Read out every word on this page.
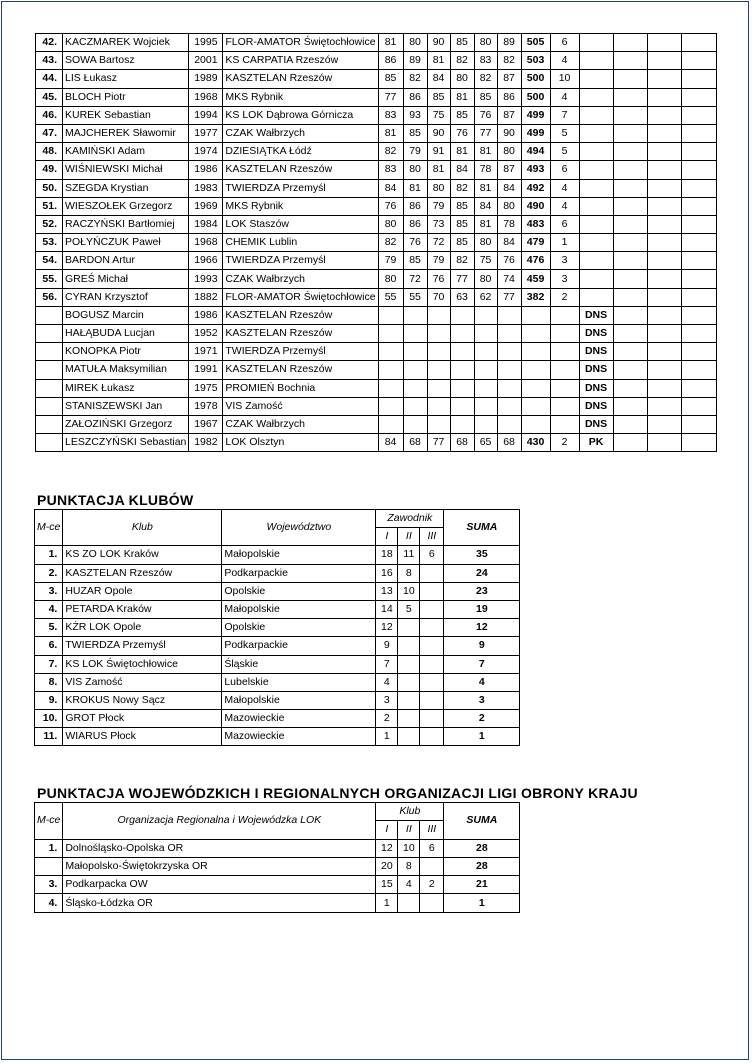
42.	KACZMAREK Wojciek	1995	FLOR-AMATOR Świętochłowice	81	80	90	85	80	89	505	6				
43.	SOWA Bartosz	2001	KS CARPATIA Rzeszów	86	89	81	82	83	82	503	4				
44.	LIS Łukasz	1989	KASZTELAN Rzeszów	85	82	84	80	82	87	500	10				
45.	BLOCH Piotr	1968	MKS Rybnik	77	86	85	81	85	86	500	4				
46.	KUREK Sebastian	1994	KS LOK Dąbrowa Górnicza	83	93	75	85	76	87	499	7				
47.	MAJCHEREK Sławomir	1977	CZAK Wałbrzych	81	85	90	76	77	90	499	5				
48.	KAMIŃSKI Adam	1974	DZIESIĄTKA Łódź	82	79	91	81	81	80	494	5				
49.	WIŚNIEWSKI Michał	1986	KASZTELAN Rzeszów	83	80	81	84	78	87	493	6				
50.	SZEGDA Krystian	1983	TWIERDZA Przemyśl	84	81	80	82	81	84	492	4				
51.	WIESZOŁEK Grzegorz	1969	MKS Rybnik	76	86	79	85	84	80	490	4				
52.	RACZYŃSKI Bartłomiej	1984	LOK Staszów	80	86	73	85	81	78	483	6				
53.	POŁYŃCZUK Paweł	1968	CHEMIK Lublin	82	76	72	85	80	84	479	1				
54.	BARDON Artur	1966	TWIERDZA Przemyśl	79	85	79	82	75	76	476	3				
55.	GREŚ Michał	1993	CZAK Wałbrzych	80	72	76	77	80	74	459	3				
56.	CYRAN Krzysztof	1882	FLOR-AMATOR Świętochłowice	55	55	70	63	62	77	382	2				
	BOGUSZ Marcin	1986	KASZTELAN Rzeszów									DNS			
	HAŁĄBUDA Lucjan	1952	KASZTELAN Rzeszów									DNS			
	KONOPKA Piotr	1971	TWIERDZA Przemyśl									DNS			
	MATUŁA Maksymilian	1991	KASZTELAN Rzeszów									DNS			
	MIREK Łukasz	1975	PROMIEŃ Bochnia									DNS			
	STANISZEWSKI Jan	1978	VIS Zamość									DNS			
	ZAŁOZIŃSKI Grzegorz	1967	CZAK Wałbrzych									DNS			
	LESZCZYŃSKI Sebastian	1982	LOK Olsztyn	84	68	77	68	65	68	430	2	PK			
PUNKTACJA KLUBÓW
M-ce	Klub	Województwo	Zawodnik			SUMA
			I	II	III	
1.	KS ZO LOK Kraków	Małopolskie	18	11	6	35
2.	KASZTELAN Rzeszów	Podkarpackie	16	8		24
3.	HUZAR Opole	Opolskie	13	10		23
4.	PETARDA Kraków	Małopolskie	14	5		19
5.	KŻR LOK Opole	Opolskie	12			12
6.	TWIERDZA Przemyśl	Podkarpackie	9			9
7.	KS LOK Świętochłowice	Śląskie	7			7
8.	VIS Zamość	Lubelskie	4			4
9.	KROKUS Nowy Sącz	Małopolskie	3			3
10.	GROT Płock	Mazowieckie	2			2
11.	WIARUS Płock	Mazowieckie	1			1
PUNKTACJA WOJEWÓDZKICH I REGIONALNYCH ORGANIZACJI LIGI OBRONY KRAJU
M-ce	Organizacja Regionalna i Wojewódzka LOK	Klub			SUMA
		I	II	III	
1.	Dolnośląsko-Opolska OR	12	10	6	28
	Małopolsko-Świętokrzyska OR	20	8		28
3.	Podkarpacka OW	15	4	2	21
4.	Śląsko-Łódzka OR	1			1
